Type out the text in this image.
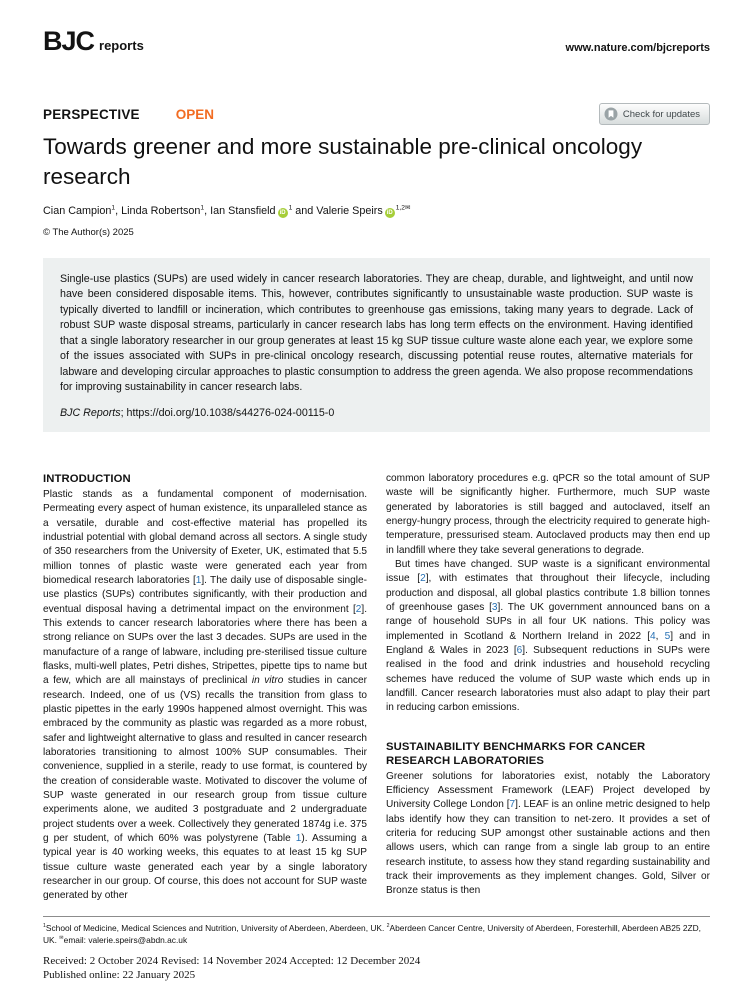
BJC reports	www.nature.com/bjcreports
PERSPECTIVE	OPEN	Check for updates
Towards greener and more sustainable pre-clinical oncology research
Cian Campion$^1$, Linda Robertson$^1$, Ian Stansfield $iD^1$ and Valerie Speirs $iD^{1,2✉}$
© The Author(s) 2025

Single-use plastics (SUPs) are used widely in cancer research laboratories. They are cheap, durable, and lightweight, and until now have been considered disposable items. This, however, contributes significantly to unsustainable waste production. SUP waste is typically diverted to landfill or incineration, which contributes to greenhouse gas emissions, taking many years to degrade. Lack of robust SUP waste disposal streams, particularly in cancer research labs has long term effects on the environment. Having identified that a single laboratory researcher in our group generates at least 15 kg SUP tissue culture waste alone each year, we explore some of the issues associated with SUPs in pre-clinical oncology research, discussing potential reuse routes, alternative materials for labware and developing circular approaches to plastic consumption to address the green agenda. We also propose recommendations for improving sustainability in cancer research labs.

BJC Reports; https://doi.org/10.1038/s44276-024-00115-0

INTRODUCTION

Plastic stands as a fundamental component of modernisation. Permeating every aspect of human existence, its unparalleled stance as a versatile, durable and cost-effective material has propelled its industrial potential with global demand across all sectors. A single study of 350 researchers from the University of Exeter, UK, estimated that 5.5 million tonnes of plastic waste were generated each year from biomedical research laboratories [1]. The daily use of disposable single-use plastics (SUPs) contributes significantly, with their production and eventual disposal having a detrimental impact on the environment [2]. This extends to cancer research laboratories where there has been a strong reliance on SUPs over the last 3 decades. SUPs are used in the manufacture of a range of labware, including pre-sterilised tissue culture flasks, multi-well plates, Petri dishes, Stripettes, pipette tips to name but a few, which are all mainstays of preclinical in vitro studies in cancer research. Indeed, one of us (VS) recalls the transition from glass to plastic pipettes in the early 1990s happened almost overnight. This was embraced by the community as plastic was regarded as a more robust, safer and lightweight alternative to glass and resulted in cancer research laboratories transitioning to almost 100% SUP consumables. Their convenience, supplied in a sterile, ready to use format, is countered by the creation of considerable waste. Motivated to discover the volume of SUP waste generated in our research group from tissue culture experiments alone, we audited 3 postgraduate and 2 undergraduate project students over a week. Collectively they generated 1874g i.e. 375 g per student, of which 60% was polystyrene (Table 1). Assuming a typical year is 40 working weeks, this equates to at least 15 kg SUP tissue culture waste generated each year by a single laboratory researcher in our group. Of course, this does not account for SUP waste generated by other

common laboratory procedures e.g. qPCR so the total amount of SUP waste will be significantly higher. Furthermore, much SUP waste generated by laboratories is still bagged and autoclaved, itself an energy-hungry process, through the electricity required to generate high-temperature, pressurised steam. Autoclaved products may then end up in landfill where they take several generations to degrade.

But times have changed. SUP waste is a significant environmental issue [2], with estimates that throughout their lifecycle, including production and disposal, all global plastics contribute 1.8 billion tonnes of greenhouse gases [3]. The UK government announced bans on a range of household SUPs in all four UK nations. This policy was implemented in Scotland & Northern Ireland in 2022 [4, 5] and in England & Wales in 2023 [6]. Subsequent reductions in SUPs were realised in the food and drink industries and household recycling schemes have reduced the volume of SUP waste which ends up in landfill. Cancer research laboratories must also adapt to play their part in reducing carbon emissions.

SUSTAINABILITY BENCHMARKS FOR CANCER RESEARCH LABORATORIES

Greener solutions for laboratories exist, notably the Laboratory Efficiency Assessment Framework (LEAF) Project developed by University College London [7]. LEAF is an online metric designed to help labs identify how they can transition to net-zero. It provides a set of criteria for reducing SUP amongst other sustainable actions and then allows users, which can range from a single lab group to an entire research institute, to assess how they stand regarding sustainability and track their improvements as they implement changes. Gold, Silver or Bronze status is then

$^1$School of Medicine, Medical Sciences and Nutrition, University of Aberdeen, Aberdeen, UK. $^2$Aberdeen Cancer Centre, University of Aberdeen, Foresterhill, Aberdeen AB25 2ZD, UK. ✉email: valerie.speirs@abdn.ac.uk

Received: 2 October 2024 Revised: 14 November 2024 Accepted: 12 December 2024

Published online: 22 January 2025
